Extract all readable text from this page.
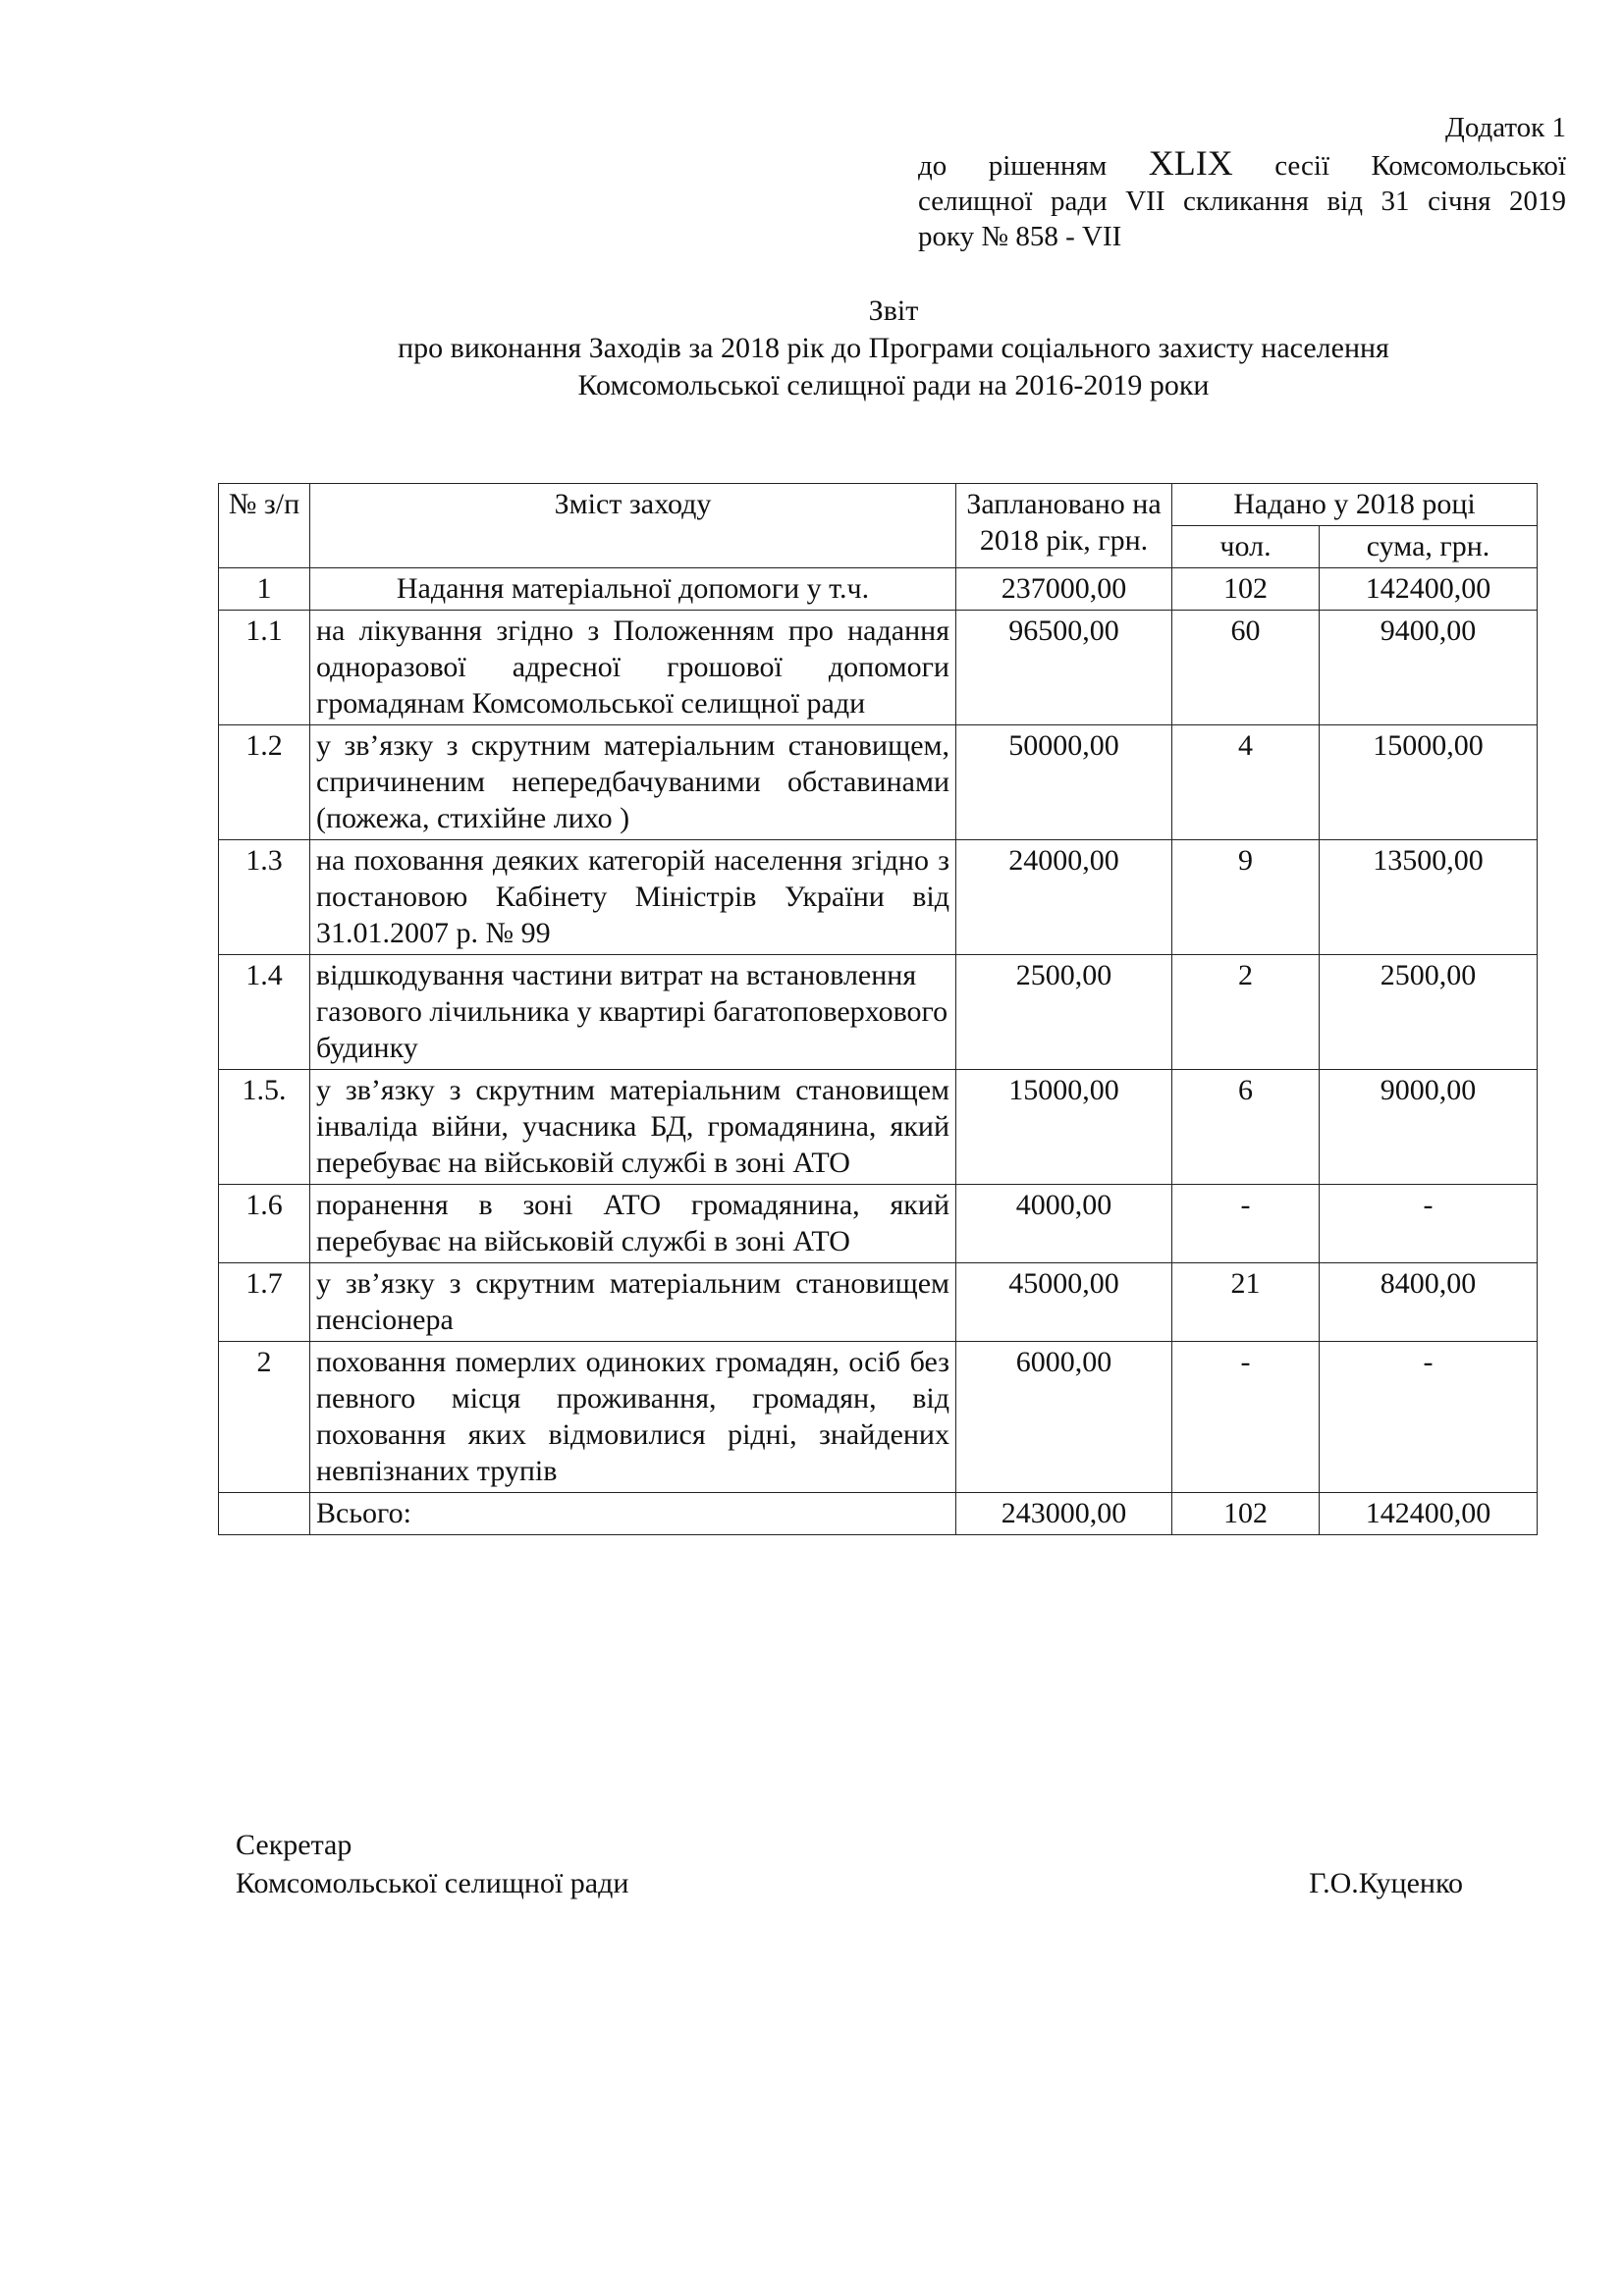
Додаток 1
до рішенням XLIX сесії Комсомольської
селищної ради VII скликання від 31 січня 2019
року № 858 - VII
Звіт
про виконання Заходів за 2018 рік до Програми соціального захисту населення
Комсомольської селищної ради на 2016-2019 роки
№ з/п	Зміст заходу	Заплановано на 2018 рік, грн.	Надано у 2018 році	
			чол.	сума, грн.
1	Надання матеріальної допомоги у т.ч.	237000,00	102	142400,00
1.1	на лікування згідно з Положенням про надання одноразової адресної грошової допомоги громадянам Комсомольської селищної ради	96500,00	60	9400,00
1.2	у зв’язку з скрутним матеріальним становищем, спричиненим непередбачуваними обставинами (пожежа, стихійне лихо )	50000,00	4	15000,00
1.3	на поховання деяких категорій населення згідно з постановою Кабінету Міністрів України від 31.01.2007 р. № 99	24000,00	9	13500,00
1.4	відшкодування частини витрат на встановлення газового лічильника у квартирі багатоповерхового будинку	2500,00	2	2500,00
1.5.	у зв’язку з скрутним матеріальним становищем інваліда війни, учасника БД, громадянина, який перебуває на військовій службі в зоні АТО	15000,00	6	9000,00
1.6	поранення в зоні АТО громадянина, який перебуває на військовій службі в зоні АТО	4000,00	-	-
1.7	у зв’язку з скрутним матеріальним становищем пенсіонера	45000,00	21	8400,00
2	поховання померлих одиноких громадян, осіб без певного місця проживання, громадян, від поховання яких відмовилися рідні, знайдених невпізнаних трупів	6000,00	-	-
	Всього:	243000,00	102	142400,00
Секретар
Комсомольської селищної ради	Г.О.Куценко
